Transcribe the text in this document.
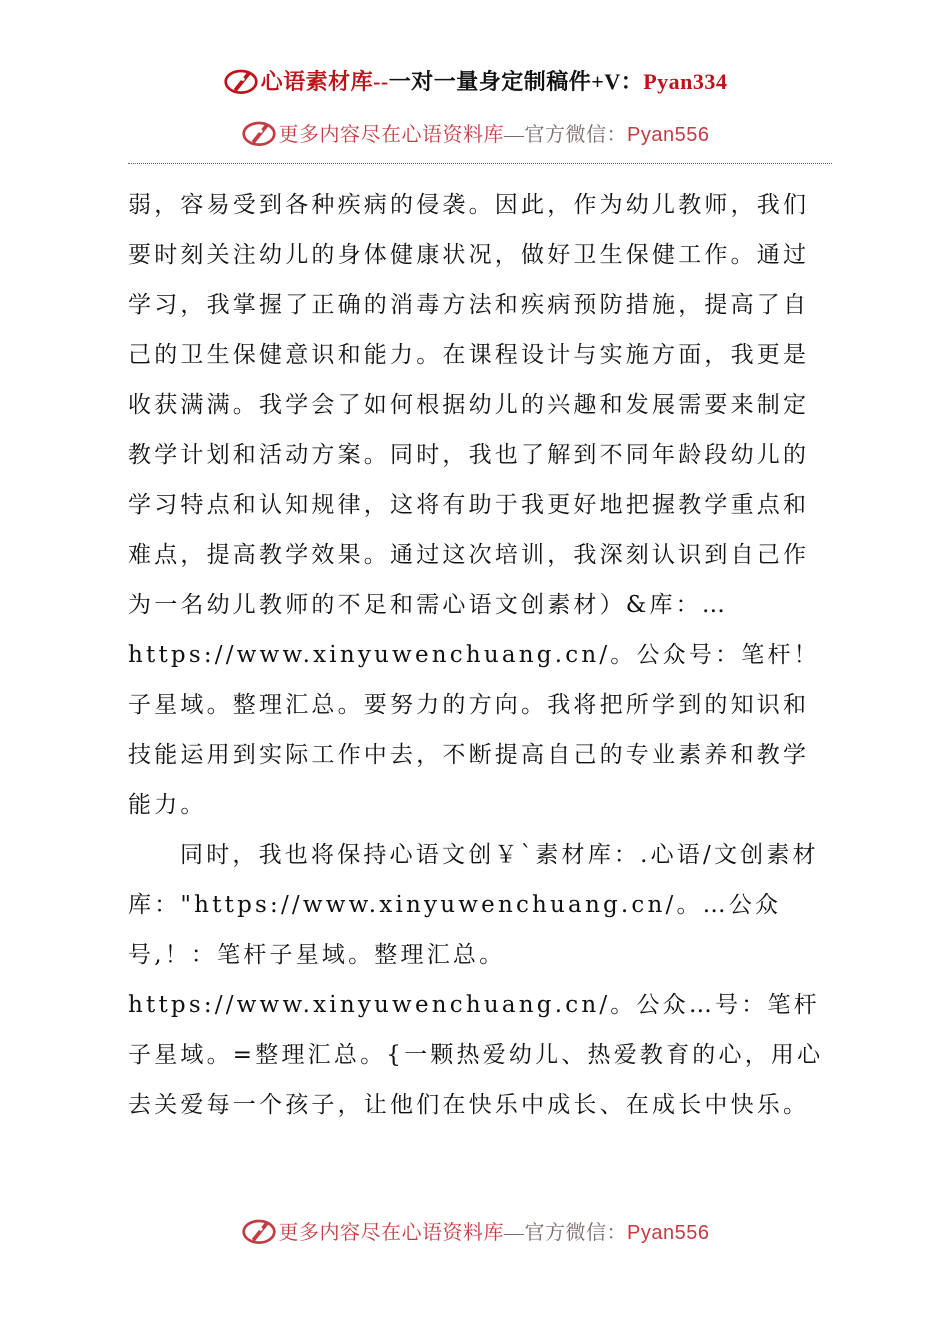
心语素材库--一对一量身定制稿件+V：Pyan334
更多内容尽在心语资料库—官方微信：Pyan556

弱，容易受到各种疾病的侵袭。因此，作为幼儿教师，我们要时刻关注幼儿的身体健康状况，做好卫生保健工作。通过学习，我掌握了正确的消毒方法和疾病预防措施，提高了自己的卫生保健意识和能力。在课程设计与实施方面，我更是收获满满。我学会了如何根据幼儿的兴趣和发展需要来制定教学计划和活动方案。同时，我也了解到不同年龄段幼儿的学习特点和认知规律，这将有助于我更好地把握教学重点和难点，提高教学效果。通过这次培训，我深刻认识到自己作为一名幼儿教师的不足和需心语文创素材）&库：…https://www.xinyuwenchuang.cn/。公众号：笔杆！子星域。整理汇总。要努力的方向。我将把所学到的知识和技能运用到实际工作中去，不断提高自己的专业素养和教学能力。

同时，我也将保持心语文创￥`素材库：.心语/文创素材库："https://www.xinyuwenchuang.cn/。…公众号,！：笔杆子星域。整理汇总。https://www.xinyuwenchuang.cn/。公众…号：笔杆子星域。=整理汇总。{一颗热爱幼儿、热爱教育的心，用心去关爱每一个孩子，让他们在快乐中成长、在成长中快乐。

更多内容尽在心语资料库—官方微信：Pyan556
